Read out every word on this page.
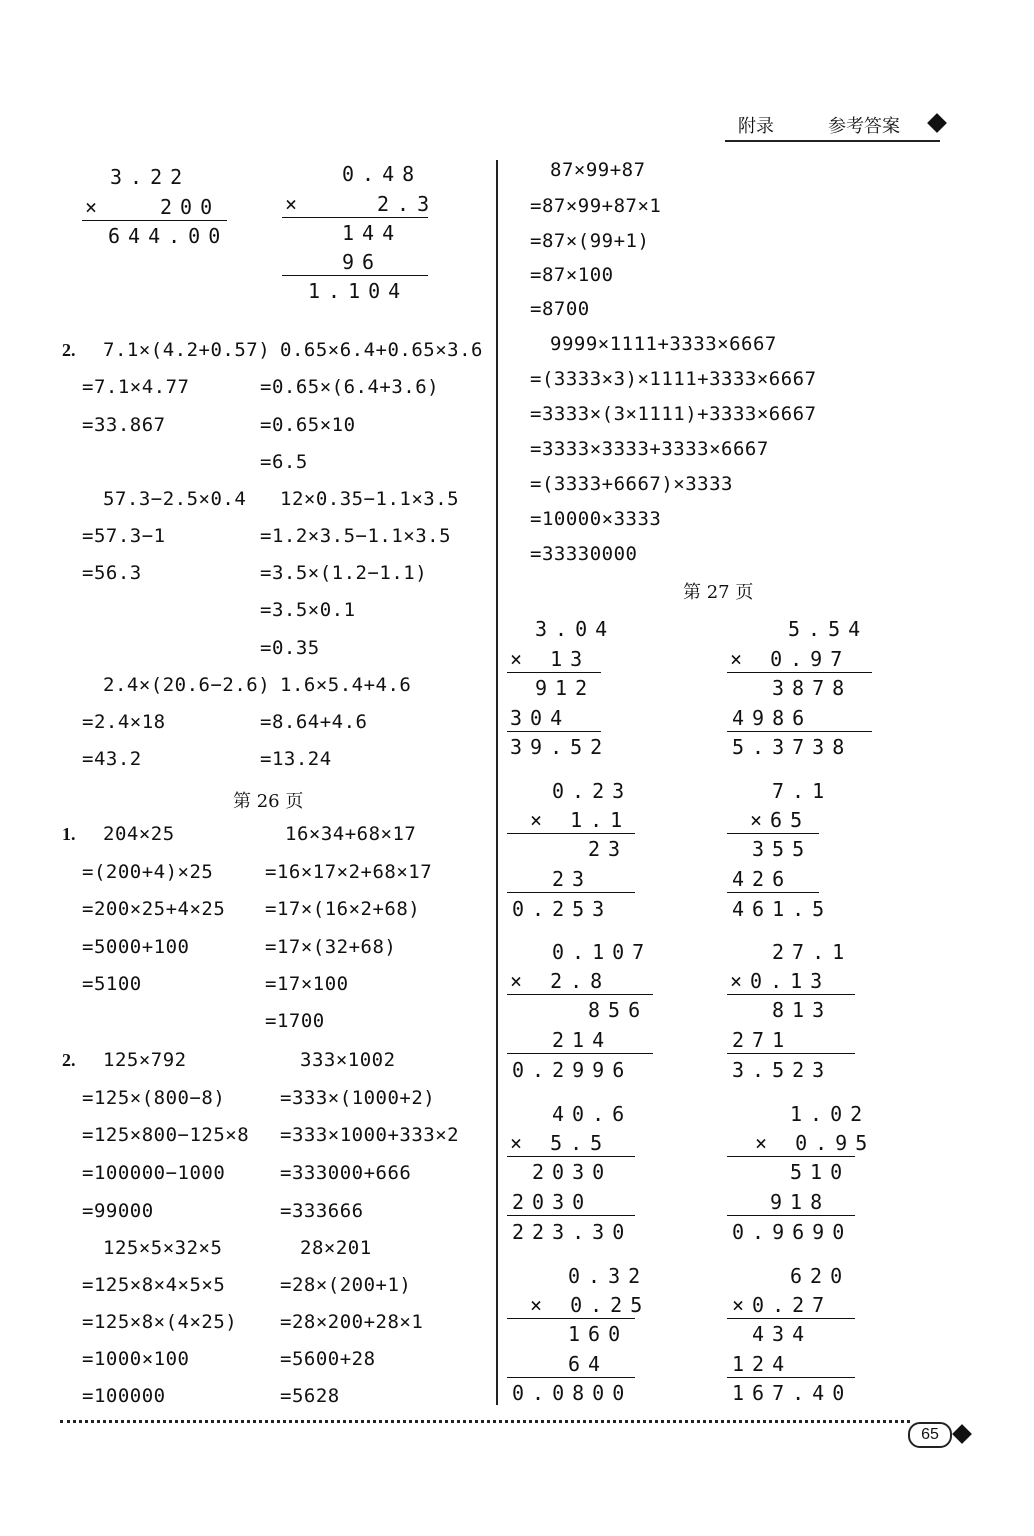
附录	参考答案
3.22
×	200
644.00
0.48
×	2.3
144
96
1.104
2. 7.1×(4.2+0.57)
=7.1×4.77
=33.867
0.65×6.4+0.65×3.6
=0.65×(6.4+3.6)
=0.65×10
=6.5
57.3−2.5×0.4
=57.3−1
=56.3
12×0.35−1.1×3.5
=1.2×3.5−1.1×3.5
=3.5×(1.2−1.1)
=3.5×0.1
=0.35
2.4×(20.6−2.6)
=2.4×18
=43.2
1.6×5.4+4.6
=8.64+4.6
=13.24
第 26 页
1. 204×25
=(200+4)×25
=200×25+4×25
=5000+100
=5100
16×34+68×17
=16×17×2+68×17
=17×(16×2+68)
=17×(32+68)
=17×100
=1700
2. 125×792
=125×(800−8)
=125×800−125×8
=100000−1000
=99000
333×1002
=333×(1000+2)
=333×1000+333×2
=333000+666
=333666
125×5×32×5
=125×8×4×5×5
=125×8×(4×25)
=1000×100
=100000
28×201
=28×(200+1)
=28×200+28×1
=5600+28
=5628
87×99+87
=87×99+87×1
=87×(99+1)
=87×100
=8700
9999×1111+3333×6667
=(3333×3)×1111+3333×6667
=3333×(3×1111)+3333×6667
=3333×3333+3333×6667
=(3333+6667)×3333
=10000×3333
=33330000
第 27 页
3.04
× 13
912
304
39.52
5.54
× 0.97
3878
4986
5.3738
0.23
× 1.1
23
23
0.253
7.1
×65
355
426
461.5
0.107
× 2.8
856
214
0.2996
27.1
×0.13
813
271
3.523
40.6
× 5.5
2030
2030
223.30
1.02
× 0.95
510
918
0.9690
0.32
× 0.25
160
64
0.0800
620
×0.27
434
124
167.40
65
